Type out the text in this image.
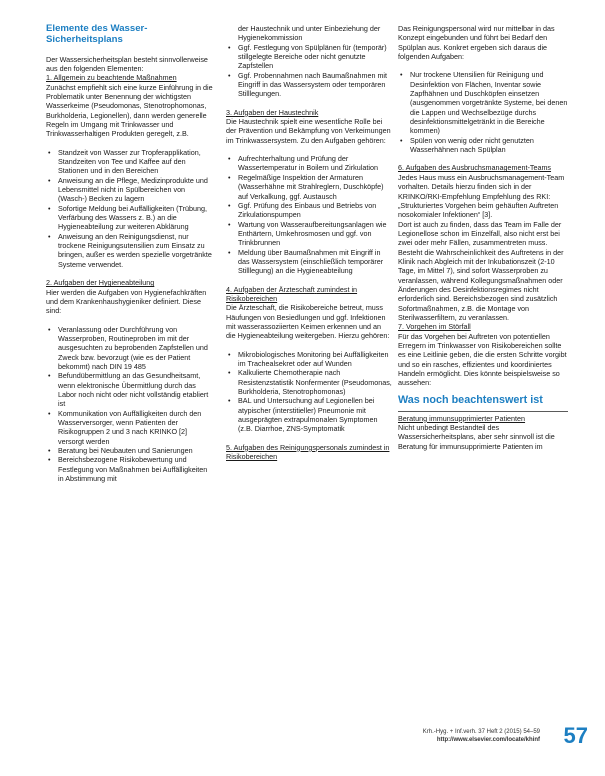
Elemente des Wasser-Sicherheitsplans

Der Wassersicherheitsplan besteht sinnvollerweise aus den folgenden Elementen:

1. Allgemein zu beachtende Maßnahmen

Zunächst empfiehlt sich eine kurze Einführung in die Problematik unter Benennung der wichtigsten Wasserkeime (Pseudomonas, Stenotrophomonas, Burkholderia, Legionellen), dann werden generelle Regeln im Umgang mit Trinkwasser und Trinkwasserhaltigen Produkten geregelt, z.B.

• Standzeit von Wasser zur Tropferapplikation, Standzeiten von Tee und Kaffee auf den Stationen und in den Bereichen
• Anweisung an die Pflege, Medizinprodukte und Lebensmittel nicht in Spülbereichen von (Wasch-) Becken zu lagern
• Sofortige Meldung bei Auffälligkeiten (Trübung, Verfärbung des Wassers z. B.) an die Hygieneabteilung zur weiteren Abklärung
• Anweisung an den Reinigungsdienst, nur trockene Reinigungsutensilien zum Einsatz zu bringen, außer es werden spezielle vorgetränkte Systeme verwendet.

2. Aufgaben der Hygieneabteilung

Hier werden die Aufgaben von Hygienefachkräften und dem Krankenhaushygieniker definiert. Diese sind:

• Veranlassung oder Durchführung von Wasserproben, Routineproben im mit der ausgesuchten zu beprobenden Zapfstellen und Zweck bzw. bevorzugt (wie es der Patient bekommt) nach DIN 19 485
• Befundübermittlung an das Gesundheitsamt, wenn elektronische Übermittlung durch das Labor noch nicht oder nicht vollständig etabliert ist
• Kommunikation von Auffälligkeiten durch den Wasserversorger, wenn Patienten der Risikogruppen 2 und 3 nach KRINKO [2] versorgt werden
• Beratung bei Neubauten und Sanierungen
• Bereichsbezogene Risikobewertung und Festlegung von Maßnahmen bei Auffälligkeiten in Abstimmung mit

der Haustechnik und unter Einbeziehung der Hygienekommission

• Ggf. Festlegung von Spülplänen für (temporär) stillgelegte Bereiche oder nicht genutzte Zapfstellen
• Ggf. Probennahmen nach Baumaßnahmen mit Eingriff in das Wassersystem oder temporären Stilllegungen.

3. Aufgaben der Haustechnik

Die Haustechnik spielt eine wesentliche Rolle bei der Prävention und Bekämpfung von Verkeimungen im Trinkwassersystem. Zu den Aufgaben gehören:

• Aufrechterhaltung und Prüfung der Wassertemperatur in Boilern und Zirkulation
• Regelmäßige Inspektion der Armaturen (Wasserhähne mit Strahlreglern, Duschköpfe) auf Verkalkung, ggf. Austausch
• Ggf. Prüfung des Einbaus und Betriebs von Zirkulationspumpen
• Wartung von Wasseraufbereitungsanlagen wie Enthärtern, Umkehrosmosen und ggf. von Trinkbrunnen
• Meldung über Baumaßnahmen mit Eingriff in das Wassersystem (einschließlich temporärer Stilllegung) an die Hygieneabteilung

4. Aufgaben der Ärzteschaft zumindest in Risikobereichen

Die Ärzteschaft, die Risikobereiche betreut, muss Häufungen von Besiedlungen und ggf. Infektionen mit wasserassoziierten Keimen erkennen und an die Hygieneabteilung weitergeben. Hierzu gehören:

• Mikrobiologisches Monitoring bei Auffälligkeiten im Trachealsekret oder auf Wunden
• Kalkulierte Chemotherapie nach Resistenzstatistik Nonfermenter (Pseudomonas, Burkholderia, Stenotrophomonas)
• BAL und Untersuchung auf Legionellen bei atypischer (interstitieller) Pneumonie mit ausgeprägten extrapulmonalen Symptomen (z.B. Diarrhoe, ZNS-Symptomatik

5. Aufgaben des Reinigungspersonals zumindest in Risikobereichen

Das Reinigungspersonal wird nur mittelbar in das Konzept eingebunden und führt bei Bedarf den Spülplan aus. Konkret ergeben sich daraus die folgenden Aufgaben:

• Nur trockene Utensilien für Reinigung und Desinfektion von Flächen, Inventar sowie Zapfhähnen und Duschköpfen einsetzen (ausgenommen vorgetränkte Systeme, bei denen die Lappen und Wechselbezüge durchs desinfektionsmittelgetränkt in die Bereiche kommen)
• Spülen von wenig oder nicht genutzten Wasserhähnen nach Spülplan

6. Aufgaben des Ausbruchsmanagement-Teams

Jedes Haus muss ein Ausbruchsmanagement-Team vorhalten. Details hierzu finden sich in der KRINKO/RKI-Empfehlung Empfehlung des RKI: „Strukturiertes Vorgehen beim gehäuften Auftreten nosokomialer Infektionen“ [3].

Dort ist auch zu finden, dass das Team im Falle der Legionellose schon im Einzelfall, also nicht erst bei zwei oder mehr Fällen, zusammentreten muss. Besteht die Wahrscheinlichkeit des Auftretens in der Klinik nach Abgleich mit der Inkubationszeit (2-10 Tage, im Mittel 7), sind sofort Wasserproben zu veranlassen, während Kollegungsmaßnahmen oder Änderungen des Desinfektionsregimes nicht erforderlich sind. Bereichsbezogen sind zusätzlich Sofortmaßnahmen, z.B. die Montage von Sterilwasserfiltern, zu veranlassen.

7. Vorgehen im Störfall

Für das Vorgehen bei Auftreten von potentiellen Erregern im Trinkwasser von Risikobereichen sollte es eine Leitlinie geben, die die ersten Schritte vorgibt und so ein rasches, effizientes und koordiniertes Handeln ermöglicht. Dies könnte beispielsweise so aussehen:

Was noch beachtenswert ist

Beratung immunsupprimierter Patienten

Nicht unbedingt Bestandteil des Wassersicherheitsplans, aber sehr sinnvoll ist die Beratung für immunsupprimierte Patienten im

Krh.-Hyg. + Inf.verh. 37 Heft 2 (2015) 54–59
http://www.elsevier.com/locate/khinf 57
